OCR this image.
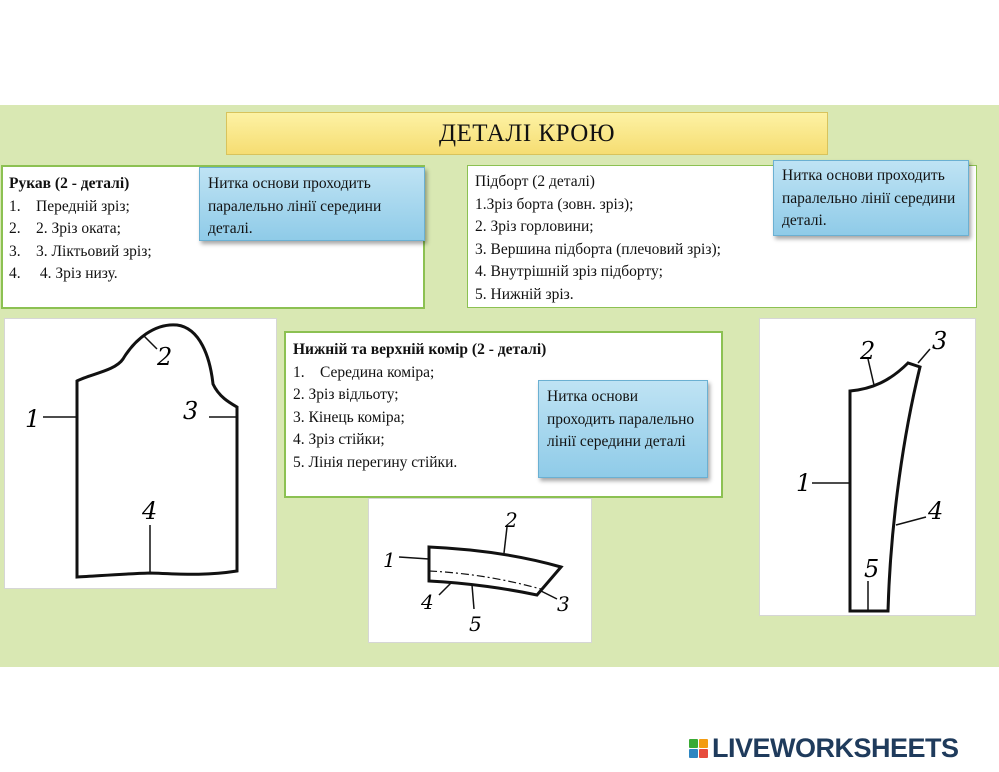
ДЕТАЛІ КРОЮ
Рукав (2 - деталі)
1. Передній зріз;
2. 2. Зріз оката;
3. 3. Ліктьовий зріз;
4. 4. Зріз низу.
Нитка основи проходить паралельно лінії середини деталі.
Підборт (2 деталі)
1.Зріз борта (зовн. зріз);
2. Зріз горловини;
3. Вершина підборта (плечовий зріз);
4. Внутрішній зріз підборту;
5. Нижній зріз.
Нитка основи проходить паралельно лінії середини деталі.
Нижній та верхній комір (2 - деталі)
1. Середина коміра;
2. Зріз відльоту;
3. Кінець коміра;
4. Зріз стійки;
5. Лінія перегину стійки.
Нитка основи проходить паралельно лінії середини деталі
2
1	3
4
1
2
3
4
5
2 3
1
4
5
LIVEWORKSHEETS
